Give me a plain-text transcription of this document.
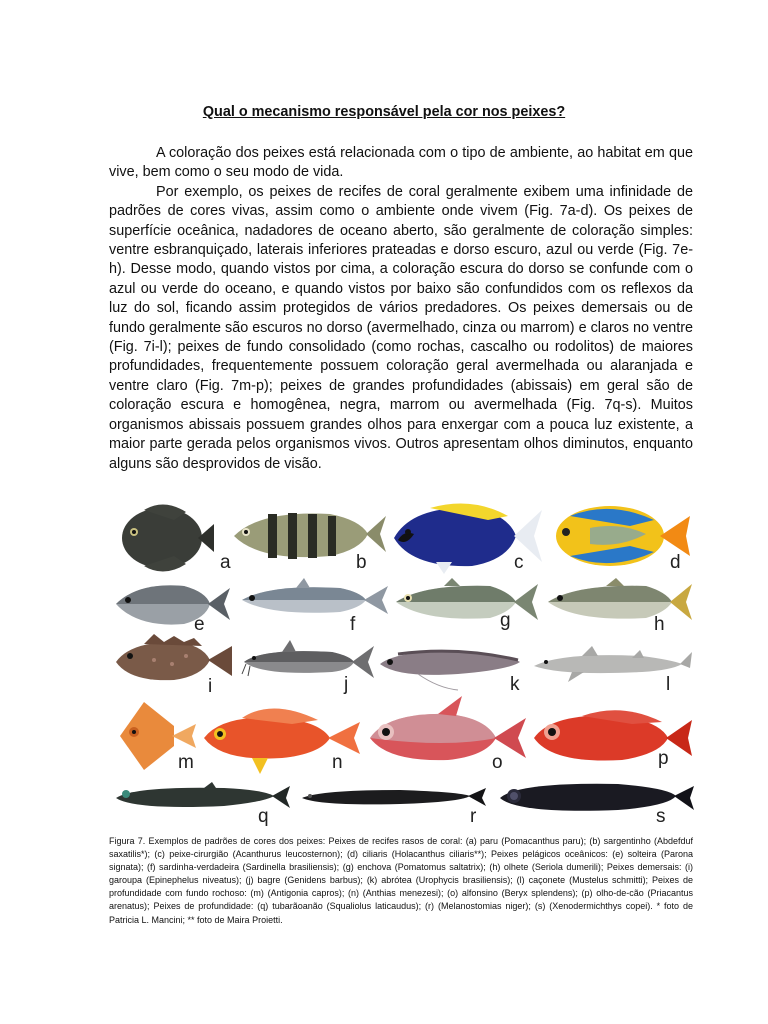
Qual o mecanismo responsável pela cor nos peixes?

A coloração dos peixes está relacionada com o tipo de ambiente, ao habitat em que vive, bem como o seu modo de vida.

Por exemplo, os peixes de recifes de coral geralmente exibem uma infinidade de padrões de cores vivas, assim como o ambiente onde vivem (Fig. 7a-d). Os peixes de superfície oceânica, nadadores de oceano aberto, são geralmente de coloração simples: ventre esbranquiçado, laterais inferiores prateadas e dorso escuro, azul ou verde (Fig. 7e-h). Desse modo, quando vistos por cima, a coloração escura do dorso se confunde com o azul ou verde do oceano, e quando vistos por baixo são confundidos com os reflexos da luz do sol, ficando assim protegidos de vários predadores. Os peixes demersais ou de fundo geralmente são escuros no dorso (avermelhado, cinza ou marrom) e claros no ventre (Fig. 7i-l); peixes de fundo consolidado (como rochas, cascalho ou rodolitos) de maiores profundidades, frequentemente possuem coloração geral avermelhada ou alaranjada e ventre claro (Fig. 7m-p); peixes de grandes profundidades (abissais) em geral são de coloração escura e homogênea, negra, marrom ou avermelhada (Fig. 7q-s). Muitos organismos abissais possuem grandes olhos para enxergar com a pouca luz existente, a maior parte gerada pelos organismos vivos. Outros apresentam olhos diminutos, enquanto alguns são desprovidos de visão.

a	b	c	d
e	f	g	h
i	j	k	l
m	n	o	p
q	r	s
Figura 7. Exemplos de padrões de cores dos peixes: Peixes de recifes rasos de coral: (a) paru (Pomacanthus paru); (b) sargentinho (Abdefduf saxatilis*); (c) peixe-cirurgião (Acanthurus leucosternon); (d) ciliaris (Holacanthus ciliaris**); Peixes pelágicos oceânicos: (e) solteira (Parona signata); (f) sardinha-verdadeira (Sardinella brasiliensis); (g) enchova (Pomatomus saltatrix); (h) olhete (Seriola dumerili); Peixes demersais: (i) garoupa (Epinephelus niveatus); (j) bagre (Genidens barbus); (k) abrótea (Urophycis brasiliensis); (l) caçonete (Mustelus schmitti); Peixes de profundidade com fundo rochoso: (m) (Antigonia capros); (n) (Anthias menezesi); (o) alfonsino (Beryx splendens); (p) olho-de-cão (Priacantus arenatus); Peixes de profundidade: (q) tubarãoanão (Squaliolus laticaudus); (r) (Melanostomias niger); (s) (Xenodermichthys copei). * foto de Patricia L. Mancini; ** foto de Maira Proietti.
